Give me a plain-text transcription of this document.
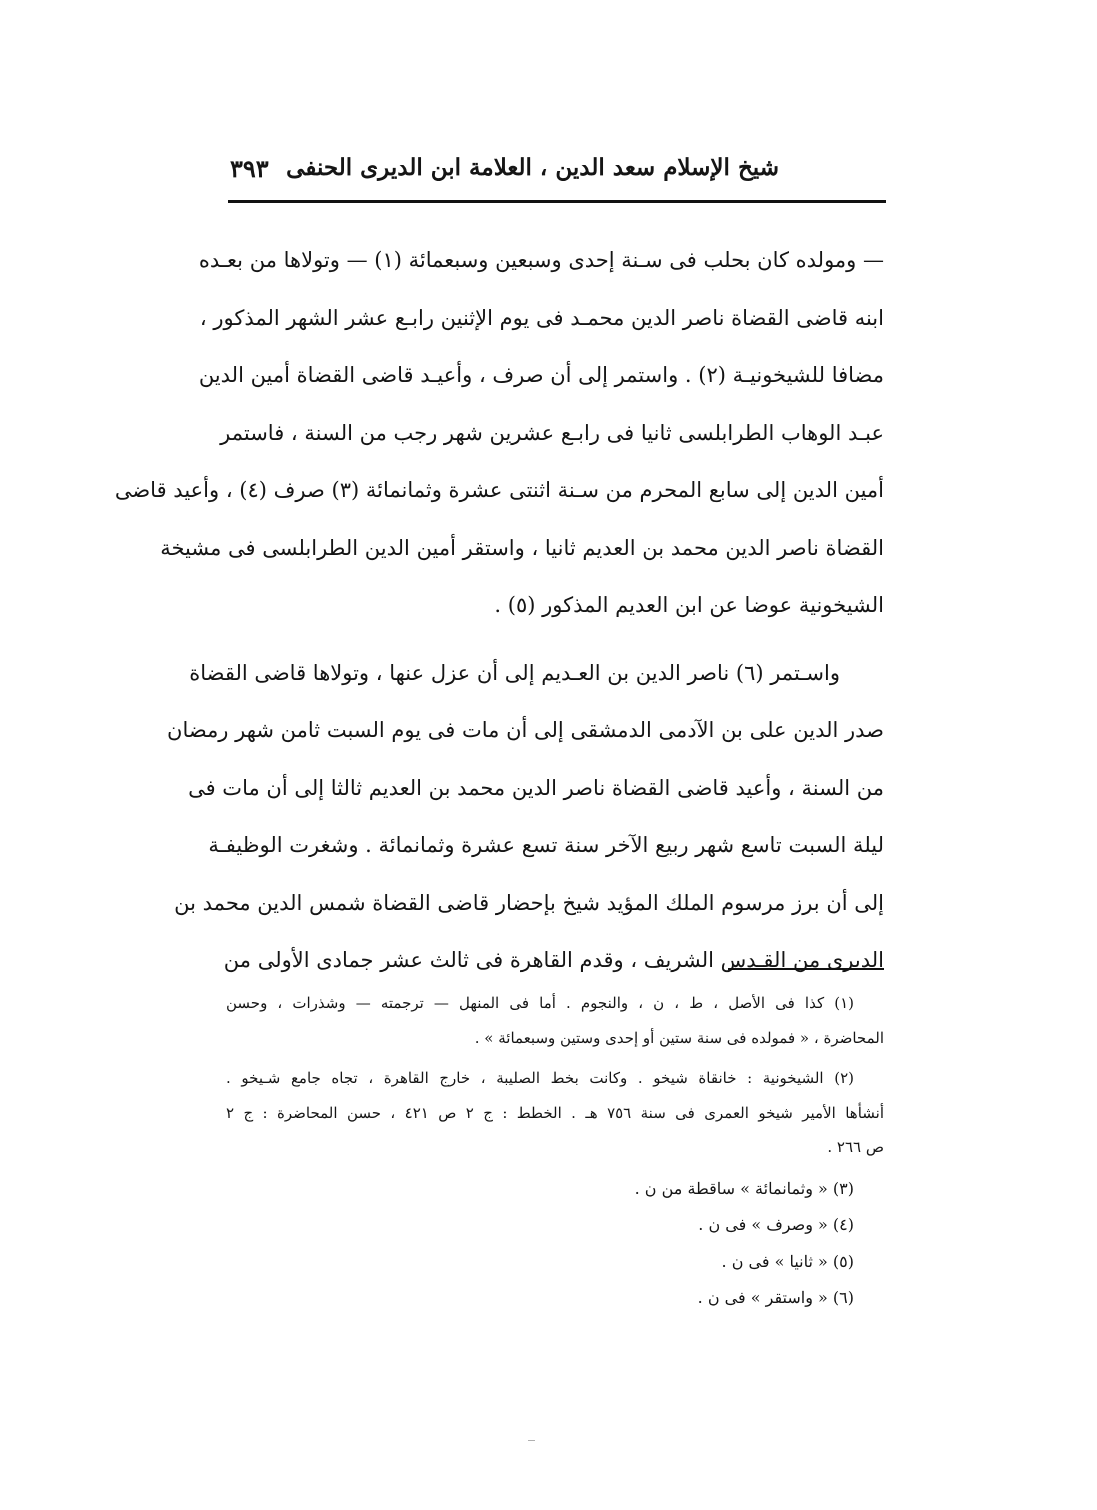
شيخ الإسلام سعد الدين ، العلامة ابن الديرى الحنفى
٣٩٣
— ومولده كان بحلب فى سـنة إحدى وسبعين وسبعمائة (١) — وتولاها من بعـده
ابنه قاضى القضاة ناصر الدين محمـد فى يوم الإثنين رابـع عشر الشهر المذكور ،
مضافا للشيخونيـة (٢) . واستمر إلى أن صرف ، وأعيـد قاضى القضاة أمين الدين
عبـد الوهاب الطرابلسى ثانيا فى رابـع عشرين شهر رجب من السنة ، فاستمر
أمين الدين إلى سابع المحرم من سـنة اثنتى عشرة وثمانمائة (٣) صرف (٤) ، وأعيد قاضى
القضاة ناصر الدين محمد بن العديم ثانيا ، واستقر أمين الدين الطرابلسى فى مشيخة
الشيخونية عوضا عن ابن العديم المذكور (٥) .
واسـتمر (٦) ناصر الدين بن العـديم إلى أن عزل عنها ، وتولاها قاضى القضاة
صدر الدين على بن الآدمى الدمشقى إلى أن مات فى يوم السبت ثامن شهر رمضان
من السنة ، وأعيد قاضى القضاة ناصر الدين محمد بن العديم ثالثا إلى أن مات فى
ليلة السبت تاسع شهر ربيع الآخر سنة تسع عشرة وثمانمائة . وشغرت الوظيفـة
إلى أن برز مرسوم الملك المؤيد شيخ بإحضار قاضى القضاة شمس الدين محمد بن
الديرى من القـدس الشريف ، وقدم القاهرة فى ثالث عشر جمادى الأولى من
(١) كذا فى الأصل ، ط ، ن ، والنجوم . أما فى المنهل — ترجمته — وشذرات ، وحسن
المحاضرة ، « فمولده فى سنة ستين أو إحدى وستين وسبعمائة » .
(٢) الشيخونية : خانقاة شيخو . وكانت بخط الصليبة ، خارج القاهرة ، تجاه جامع شـيخو .
أنشأها الأمير شيخو العمرى فى سنة ٧٥٦ هـ . الخطط : ج ٢ ص ٤٢١ ، حسن المحاضرة : ج ٢
ص ٢٦٦ .
(٣) « وثمانمائة » ساقطة من ن .
(٤) « وصرف » فى ن .
(٥) « ثانيا » فى ن .
(٦) « واستقر » فى ن .
